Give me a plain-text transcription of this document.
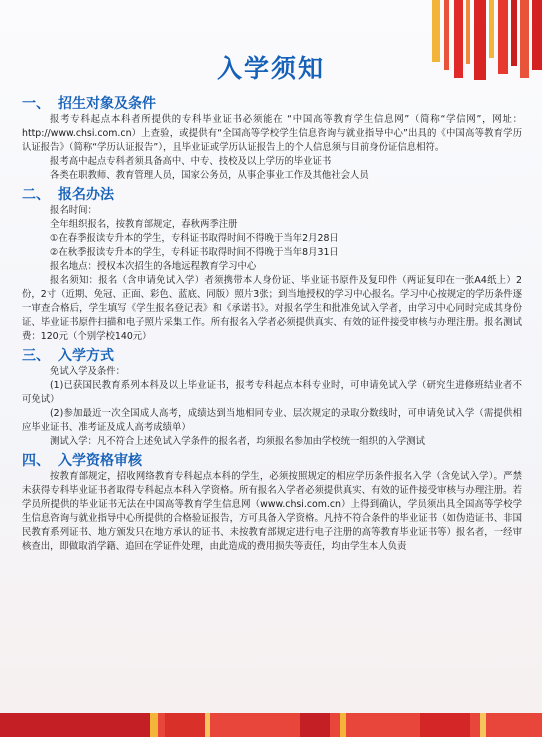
入学须知
一、 招生对象及条件

报考专科起点本科者所提供的专科毕业证书必须能在 “中国高等教育学生信息网”（简称“学信网”，网址：http://www.chsi.com.cn）上查验，或提供有“全国高等学校学生信息咨询与就业指导中心”出具的《中国高等教育学历认证报告》（简称“学历认证报告”），且毕业证或学历认证报告上的个人信息须与目前身份证信息相符。

报考高中起点专科者须具备高中、中专、技校及以上学历的毕业证书

各类在职教师、教育管理人员，国家公务员，从事企事业工作及其他社会人员

二、 报名办法

报名时间：

全年组织报名，按教育部规定，春秋两季注册

①在春季报读专升本的学生，专科证书取得时间不得晚于当年2月28日

②在秋季报读专升本的学生，专科证书取得时间不得晚于当年8月31日

报名地点：授权本次招生的各地远程教育学习中心

报名须知：报名（含申请免试入学）者须携带本人身份证、毕业证书原件及复印件（两证复印在一张A4纸上）2份，2寸（近期、免冠、正面、彩色、蓝底、同版）照片3张；到当地授权的学习中心报名。学习中心按规定的学历条件逐一审查合格后，学生填写《学生报名登记表》和《承诺书》。对报名学生和批准免试入学者，由学习中心同时完成其身份证、毕业证书原件扫描和电子照片采集工作。所有报名入学者必须提供真实、有效的证件接受审核与办理注册。报名测试费：120元（个别学校140元）

三、 入学方式

免试入学及条件：

(1)已获国民教育系列本科及以上毕业证书，报考专科起点本科专业时，可申请免试入学（研究生进修班结业者不可免试）

(2)参加最近一次全国成人高考，成绩达到当地相同专业、层次规定的录取分数线时，可申请免试入学（需提供相应毕业证书、准考证及成人高考成绩单）

测试入学：凡不符合上述免试入学条件的报名者，均须报名参加由学校统一组织的入学测试

四、 入学资格审核

按教育部规定，招收网络教育专科起点本科的学生，必须按照规定的相应学历条件报名入学（含免试入学）。严禁未获得专科毕业证书者取得专科起点本科入学资格。所有报名入学者必须提供真实、有效的证件接受审核与办理注册。若学员所提供的毕业证书无法在中国高等教育学生信息网（www.chsi.com.cn）上得到确认，学员须出具全国高等学校学生信息咨询与就业指导中心所提供的合格验证报告，方可具备入学资格。凡持不符合条件的毕业证书（如伪造证书、非国民教育系列证书、地方颁发只在地方承认的证书、未按教育部规定进行电子注册的高等教育毕业证书等）报名者，一经审核查出，即做取消学籍、追回在学证件处理，由此造成的费用损失等责任，均由学生本人负责
